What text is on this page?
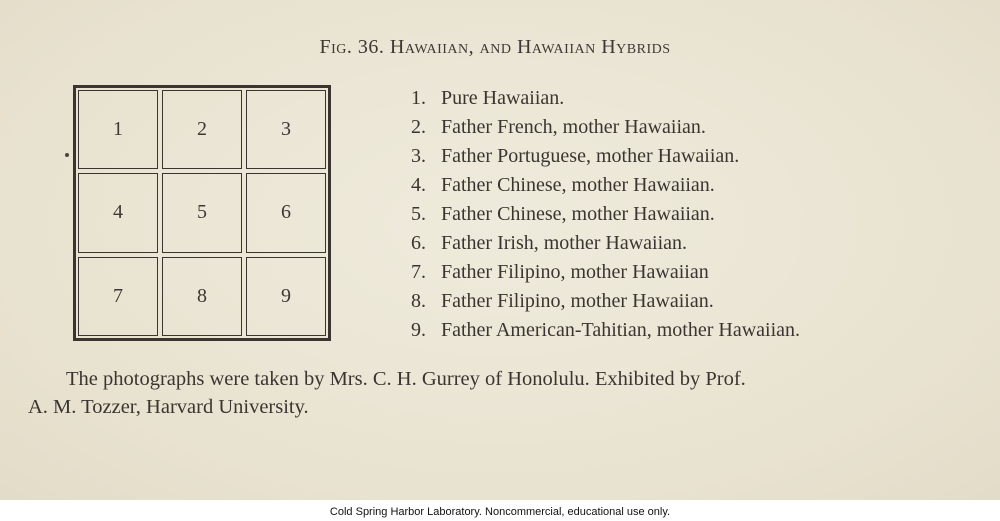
Fig. 36. Hawaiian, and Hawaiian Hybrids
1	2	3
4	5	6
7	8	9
1. Pure Hawaiian.
2. Father French, mother Hawaiian.
3. Father Portuguese, mother Hawaiian.
4. Father Chinese, mother Hawaiian.
5. Father Chinese, mother Hawaiian.
6. Father Irish, mother Hawaiian.
7. Father Filipino, mother Hawaiian
8. Father Filipino, mother Hawaiian.
9. Father American-Tahitian, mother Hawaiian.
The photographs were taken by Mrs. C. H. Gurrey of Honolulu. Exhibited by Prof.
A. M. Tozzer, Harvard University.
Cold Spring Harbor Laboratory. Noncommercial, educational use only.
